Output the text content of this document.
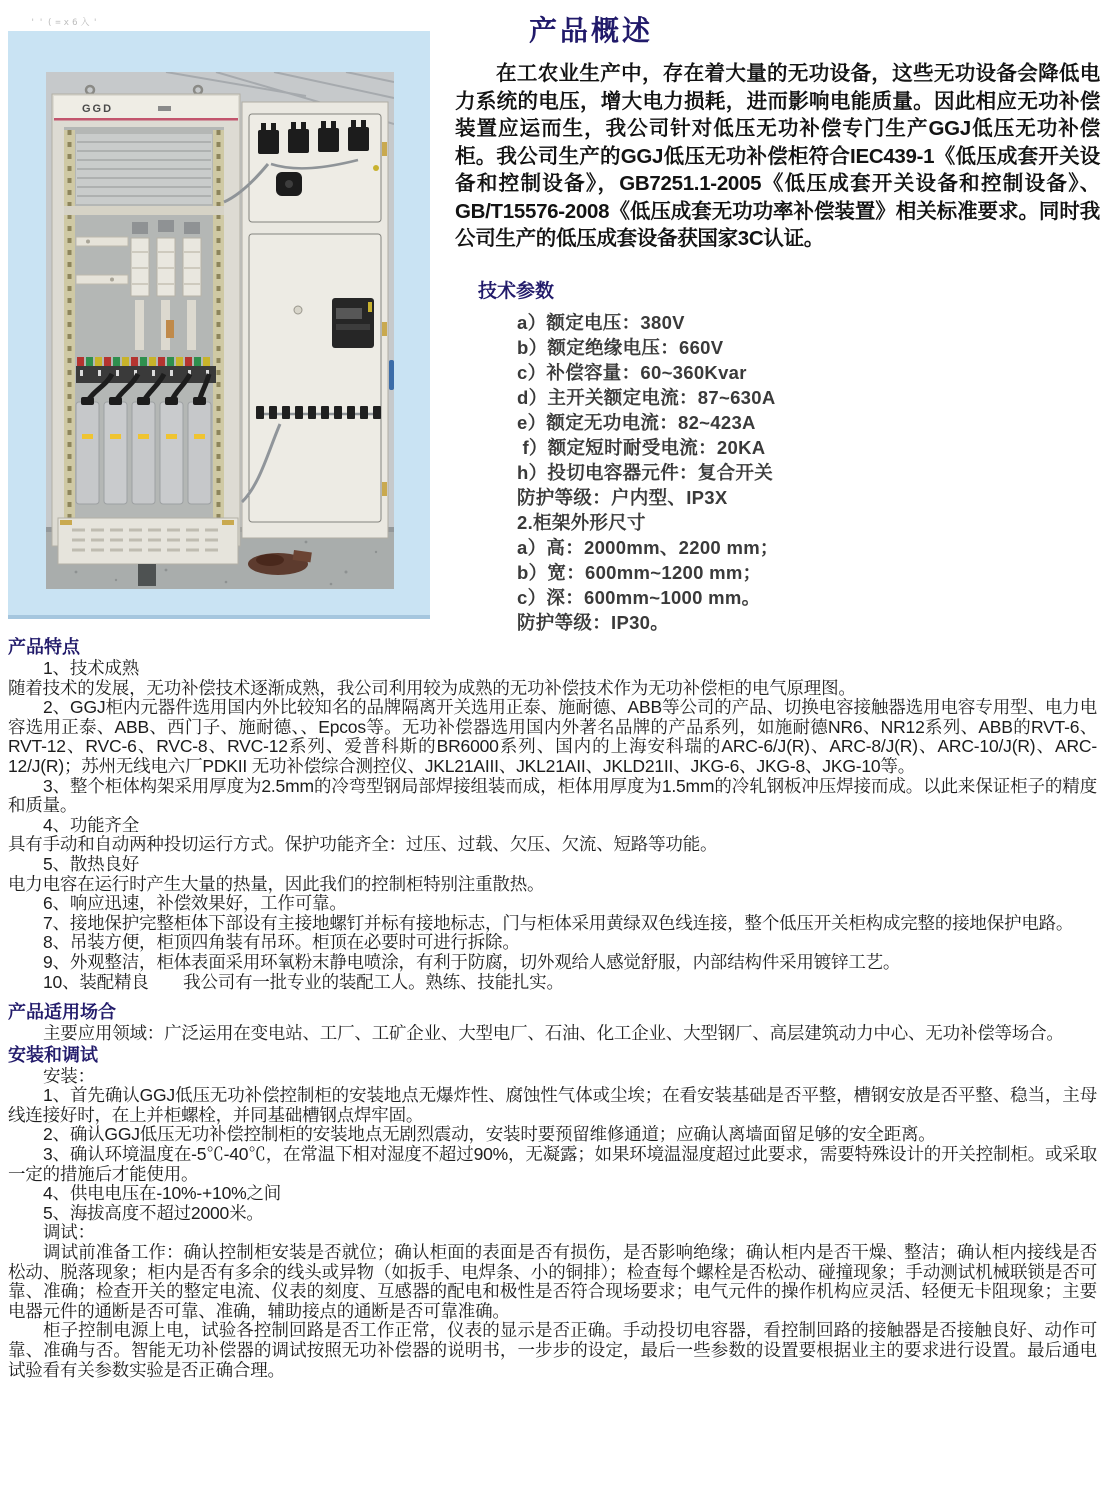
''(=x6入'
GGD
产品概述

在工农业生产中，存在着大量的无功设备，这些无功设备会降低电力系统的电压，增大电力损耗，进而影响电能质量。因此相应无功补偿装置应运而生，我公司针对低压无功补偿专门生产GGJ低压无功补偿柜。我公司生产的GGJ低压无功补偿柜符合IEC439-1《低压成套开关设备和控制设备》，GB7251.1-2005《低压成套开关设备和控制设备》、GB/T15576-2008《低压成套无功功率补偿装置》相关标准要求。同时我公司生产的低压成套设备获国家3C认证。

技术参数

a）额定电压：380V

b）额定绝缘电压：660V

c）补偿容量：60~360Kvar

d）主开关额定电流：87~630A

e）额定无功电流：82~423A

f）额定短时耐受电流：20KA

h）投切电容器元件：复合开关

防护等级：户内型、IP3X

2.柜架外形尺寸

a）高：2000mm、2200 mm；

b）宽：600mm~1200 mm；

c）深：600mm~1000 mm。

防护等级：IP30。

产品特点

1、技术成熟

随着技术的发展，无功补偿技术逐渐成熟，我公司利用较为成熟的无功补偿技术作为无功补偿柜的电气原理图。

2、GGJ柜内元器件选用国内外比较知名的品牌隔离开关选用正泰、施耐德、ABB等公司的产品、切换电容接触器选用电容专用型、电力电容选用正泰、ABB、西门子、施耐德、、Epcos等。无功补偿器选用国内外著名品牌的产品系列，如施耐德NR6、NR12系列、ABB的RVT-6、RVT-12、RVC-6、RVC-8、RVC-12系列、爱普科斯的BR6000系列、国内的上海安科瑞的ARC-6/J(R)、ARC-8/J(R)、ARC-10/J(R)、ARC-12/J(R)；苏州无线电六厂PDKII 无功补偿综合测控仪、JKL21AIII、JKL21AII、JKLD21II、JKG-6、JKG-8、JKG-10等。

3、整个柜体构架采用厚度为2.5mm的冷弯型钢局部焊接组装而成，柜体用厚度为1.5mm的冷轧钢板冲压焊接而成。以此来保证柜子的精度和质量。

4、功能齐全

具有手动和自动两种投切运行方式。保护功能齐全：过压、过载、欠压、欠流、短路等功能。

5、散热良好

电力电容在运行时产生大量的热量，因此我们的控制柜特别注重散热。

6、响应迅速，补偿效果好，工作可靠。

7、接地保护完整柜体下部设有主接地螺钉并标有接地标志，门与柜体采用黄绿双色线连接，整个低压开关柜构成完整的接地保护电路。

8、吊装方便，柜顶四角装有吊环。柜顶在必要时可进行拆除。

9、外观整洁，柜体表面采用环氧粉末静电喷涂，有利于防腐，切外观给人感觉舒服，内部结构件采用镀锌工艺。

10、装配精良　　我公司有一批专业的装配工人。熟练、技能扎实。

产品适用场合

主要应用领域：广泛运用在变电站、工厂、工矿企业、大型电厂、石油、化工企业、大型钢厂、高层建筑动力中心、无功补偿等场合。

安装和调试

安装：

1、首先确认GGJ低压无功补偿控制柜的安装地点无爆炸性、腐蚀性气体或尘埃；在看安装基础是否平整，槽钢安放是否平整、稳当，主母线连接好时，在上并柜螺栓，并同基础槽钢点焊牢固。

2、确认GGJ低压无功补偿控制柜的安装地点无剧烈震动，安装时要预留维修通道；应确认离墙面留足够的安全距离。

3、确认环境温度在-5℃-40℃，在常温下相对湿度不超过90%，无凝露；如果环境温湿度超过此要求，需要特殊设计的开关控制柜。或采取一定的措施后才能使用。

4、供电电压在-10%-+10%之间

5、海拔高度不超过2000米。

调试：

调试前准备工作：确认控制柜安装是否就位；确认柜面的表面是否有损伤，是否影响绝缘；确认柜内是否干燥、整洁；确认柜内接线是否松动、脱落现象；柜内是否有多余的线头或异物（如扳手、电焊条、小的铜排）；检查每个螺栓是否松动、碰撞现象；手动测试机械联锁是否可靠、准确；检查开关的整定电流、仪表的刻度、互感器的配电和极性是否符合现场要求；电气元件的操作机构应灵活、轻便无卡阻现象；主要电器元件的通断是否可靠、准确，辅助接点的通断是否可靠准确。

柜子控制电源上电，试验各控制回路是否工作正常，仪表的显示是否正确。手动投切电容器，看控制回路的接触器是否接触良好、动作可靠、准确与否。智能无功补偿器的调试按照无功补偿器的说明书，一步步的设定，最后一些参数的设置要根据业主的要求进行设置。最后通电试验看有关参数实验是否正确合理。
